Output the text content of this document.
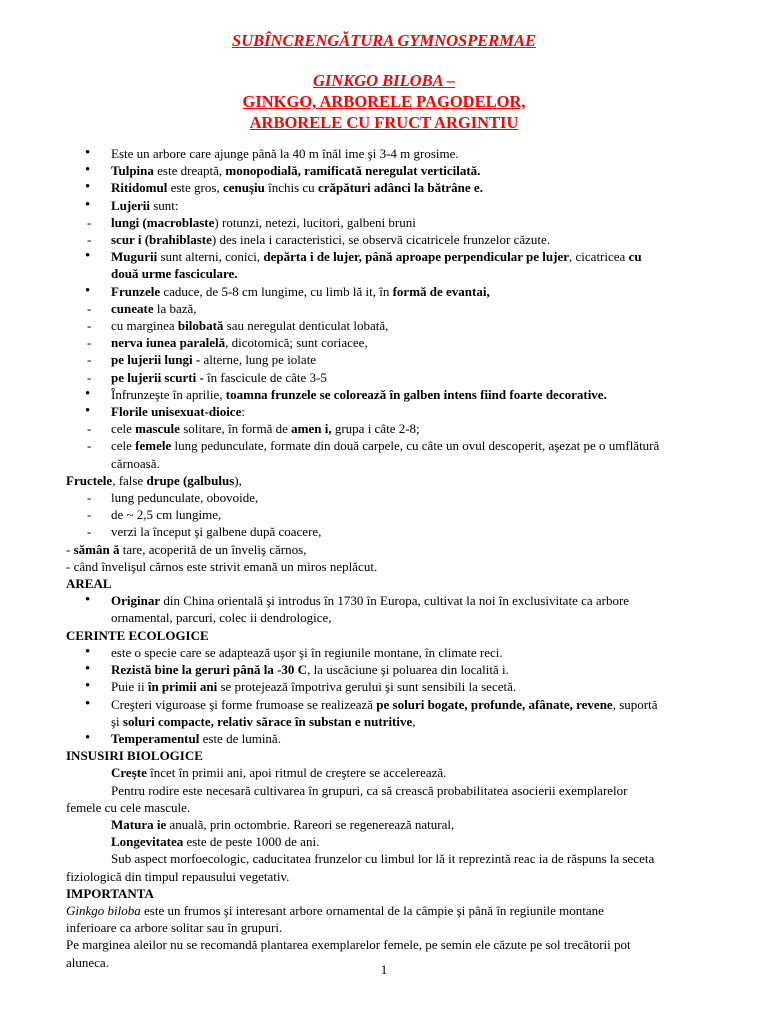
SUBÎNCRENGĂTURA GYMNOSPERMAE
GINKGO BILOBA –
GINKGO, ARBORELE PAGODELOR,
ARBORELE CU FRUCT ARGINTIU
• Este un arbore care ajunge până la 40 m înăl ime şi 3-4 m grosime.
• Tulpina este dreaptă, monopodială, ramificată neregulat verticilată.
• Ritidomul este gros, cenuşiu închis cu crăpături adânci la bătrâne e.
• Lujerii sunt:
- lungi (macroblaste) rotunzi, netezi, lucitori, galbeni bruni
- scur i (brahiblaste) des inela i caracteristici, se observă cicatricele frunzelor căzute.
• Mugurii sunt alterni, conici, depărta i de lujer, până aproape perpendicular pe lujer, cicatricea cu
două urme fasciculare.
• Frunzele caduce, de 5-8 cm lungime, cu limb lă it, în formă de evantai,
- cuneate la bază,
- cu marginea bilobată sau neregulat denticulat lobată,
- nerva iunea paralelă, dicotomică; sunt coriacee,
- pe lujerii lungi - alterne, lung pe iolate
- pe lujerii scurti - în fascicule de câte 3-5
• Înfrunzeşte în aprilie, toamna frunzele se colorează în galben intens fiind foarte decorative.
• Florile unisexuat-dioice:
- cele mascule solitare, în formă de amen i, grupa i câte 2-8;
- cele femele lung pedunculate, formate din două carpele, cu câte un ovul descoperit, aşezat pe o umflătură
cărnoasă.
Fructele, false drupe (galbulus),
- lung pedunculate, obovoide,
- de ~ 2,5 cm lungime,
- verzi la început şi galbene după coacere,
- sămân ă tare, acoperită de un înveliş cărnos,
- când învelişul cărnos este strivit emană un miros neplăcut.
AREAL
• Originar din China orientală şi introdus în 1730 în Europa, cultivat la noi în exclusivitate ca arbore
ornamental, parcuri, colec ii dendrologice,
CERINTE ECOLOGICE
• este o specie care se adaptează uşor şi în regiunile montane, în climate reci.
• Rezistă bine la geruri până la -30 C, la uscăciune şi poluarea din localită i.
• Puie ii în primii ani se protejează împotriva gerului şi sunt sensibili la secetă.
• Creşteri viguroase şi forme frumoase se realizează pe soluri bogate, profunde, afânate, revene, suportă
şi soluri compacte, relativ sărace în substan e nutritive,
• Temperamentul este de lumină.
INSUSIRI BIOLOGICE
Creşte încet în primii ani, apoi ritmul de creştere se accelerează.
Pentru rodire este necesară cultivarea în grupuri, ca să crească probabilitatea asocierii exemplarelor
femele cu cele mascule.
Matura ie anuală, prin octombrie. Rareori se regenerează natural,
Longevitatea este de peste 1000 de ani.
Sub aspect morfoecologic, caducitatea frunzelor cu limbul lor lă it reprezintă reac ia de răspuns la seceta
fiziologică din timpul repausului vegetativ.
IMPORTANTA
Ginkgo biloba este un frumos şi interesant arbore ornamental de la câmpie şi până în regiunile montane
inferioare ca arbore solitar sau în grupuri.
Pe marginea aleilor nu se recomandă plantarea exemplarelor femele, pe semin ele căzute pe sol trecătorii pot
aluneca.	1
